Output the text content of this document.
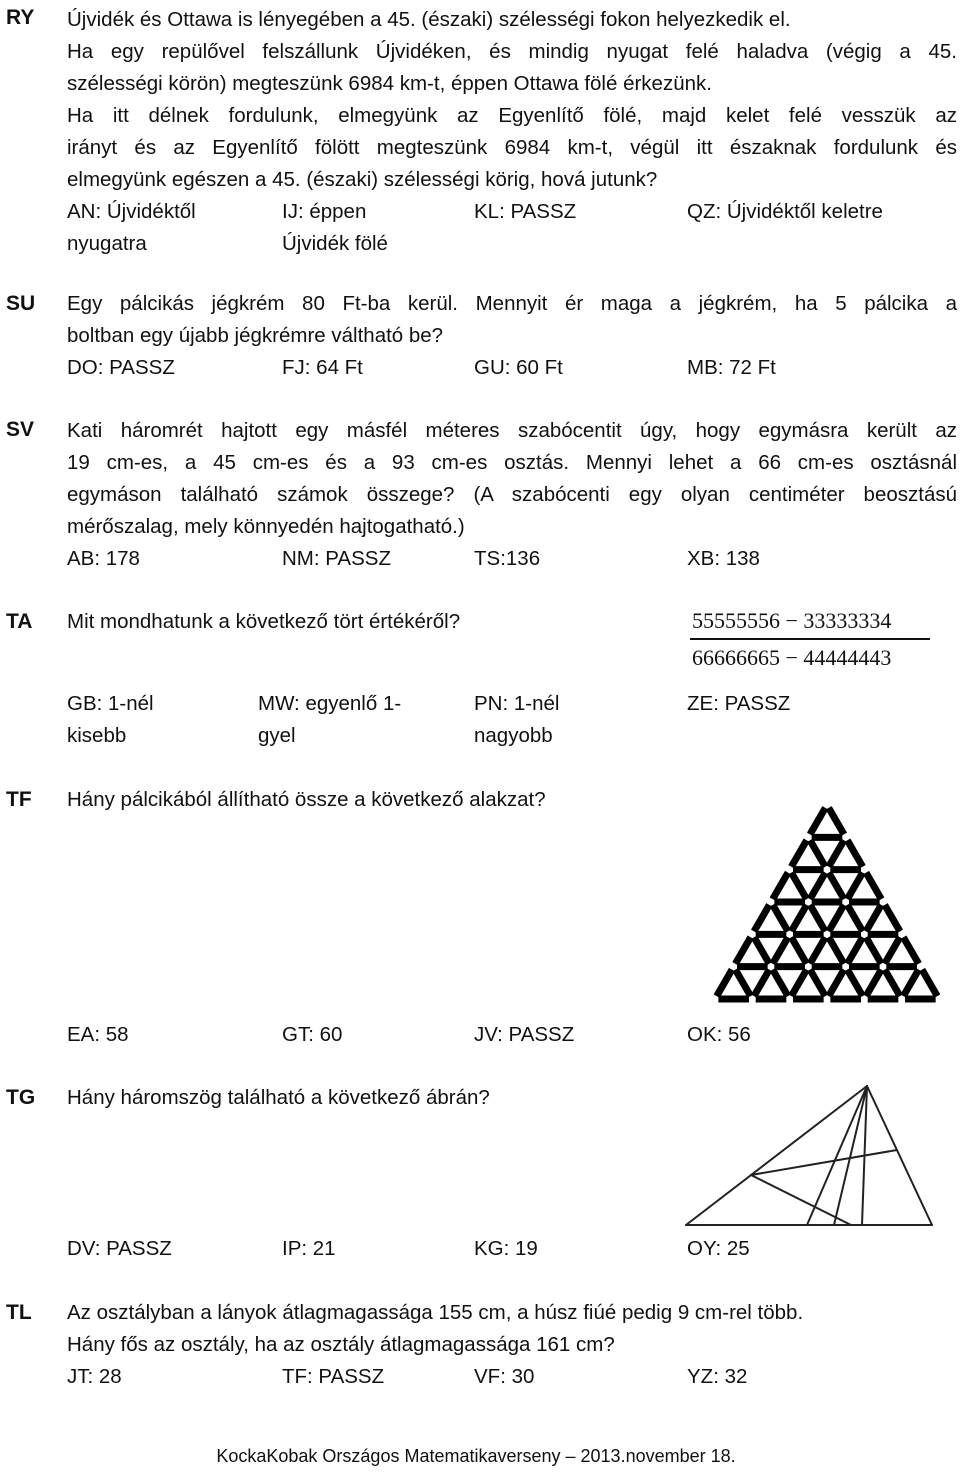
RY Újvidék és Ottawa is lényegében a 45. (északi) szélességi fokon helyezkedik el.
Ha egy repülővel felszállunk Újvidéken, és mindig nyugat felé haladva (végig a 45.
szélességi körön) megteszünk 6984 km-t, éppen Ottawa fölé érkezünk.
Ha itt délnek fordulunk, elmegyünk az Egyenlítő fölé, majd kelet felé vesszük az
irányt és az Egyenlítő fölött megteszünk 6984 km-t, végül itt északnak fordulunk és
elmegyünk egészen a 45. (északi) szélességi körig, hová jutunk?
AN: Újvidéktől
nyugatra
IJ: éppen
Újvidék fölé
KL: PASSZ	QZ: Újvidéktől keletre
SU Egy pálcikás jégkrém 80 Ft-ba kerül. Mennyit ér maga a jégkrém, ha 5 pálcika a
boltban egy újabb jégkrémre váltható be?
DO: PASSZ	FJ: 64 Ft	GU: 60 Ft	MB: 72 Ft
SV Kati háromrét hajtott egy másfél méteres szabócentit úgy, hogy egymásra került az
19 cm-es, a 45 cm-es és a 93 cm-es osztás. Mennyi lehet a 66 cm-es osztásnál
egymáson található számok összege? (A szabócenti egy olyan centiméter beosztású
mérőszalag, mely könnyedén hajtogatható.)
AB: 178	NM: PASSZ	TS:136	XB: 138
TA Mit mondhatunk a következő tört értékéről?	55555556 − 33333334
66666665 − 44444443
GB: 1-nél
kisebb
MW: egyenlő 1-
gyel
PN: 1-nél
nagyobb
ZE: PASSZ
TF Hány pálcikából állítható össze a következő alakzat?
EA: 58	GT: 60	JV: PASSZ	OK: 56
TG Hány háromszög található a következő ábrán?
DV: PASSZ	IP: 21	KG: 19	OY: 25
TL Az osztályban a lányok átlagmagassága 155 cm, a húsz fiúé pedig 9 cm-rel több.
Hány fős az osztály, ha az osztály átlagmagassága 161 cm?
JT: 28	TF: PASSZ	VF: 30	YZ: 32
KockaKobak Országos Matematikaverseny – 2013.november 18.
